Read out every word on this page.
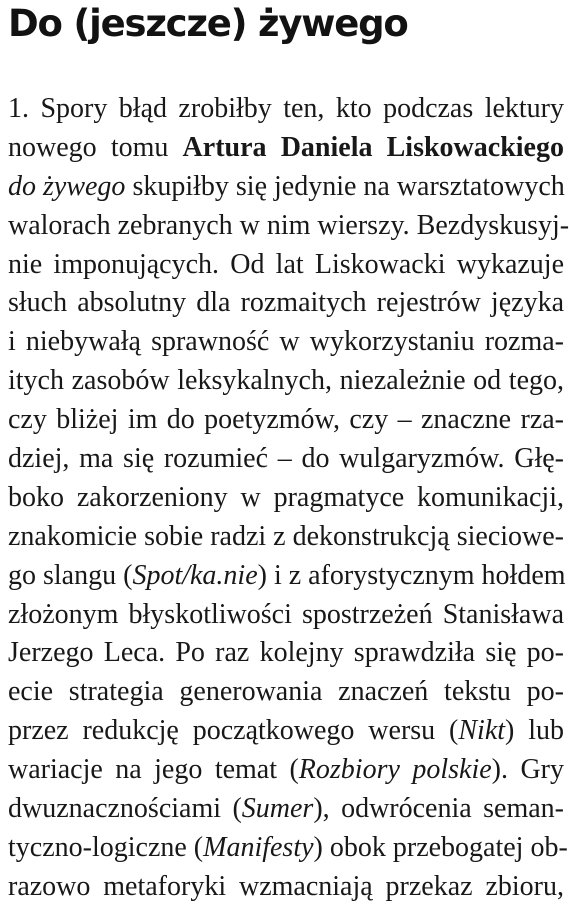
Do (jeszcze) żywego
1. Spory błąd zrobiłby ten, kto podczas lektury
nowego tomu Artura Daniela Liskowackiego
do żywego skupiłby się jedynie na warsztatowych
walorach zebranych w nim wierszy. Bezdyskusyj-
nie imponujących. Od lat Liskowacki wykazuje
słuch absolutny dla rozmaitych rejestrów języka
i niebywałą sprawność w wykorzystaniu rozma-
itych zasobów leksykalnych, niezależnie od tego,
czy bliżej im do poetyzmów, czy – znaczne rza-
dziej, ma się rozumieć – do wulgaryzmów. Głę-
boko zakorzeniony w pragmatyce komunikacji,
znakomicie sobie radzi z dekonstrukcją sieciowe-
go slangu (Spot/ka.nie) i z aforystycznym hołdem
złożonym błyskotliwości spostrzeżeń Stanisława
Jerzego Leca. Po raz kolejny sprawdziła się po-
ecie strategia generowania znaczeń tekstu po-
przez redukcję początkowego wersu (Nikt) lub
wariacje na jego temat (Rozbiory polskie). Gry
dwuznacznościami (Sumer), odwrócenia seman-
tyczno-logiczne (Manifesty) obok przebogatej ob-
razowo metaforyki wzmacniają przekaz zbioru,
